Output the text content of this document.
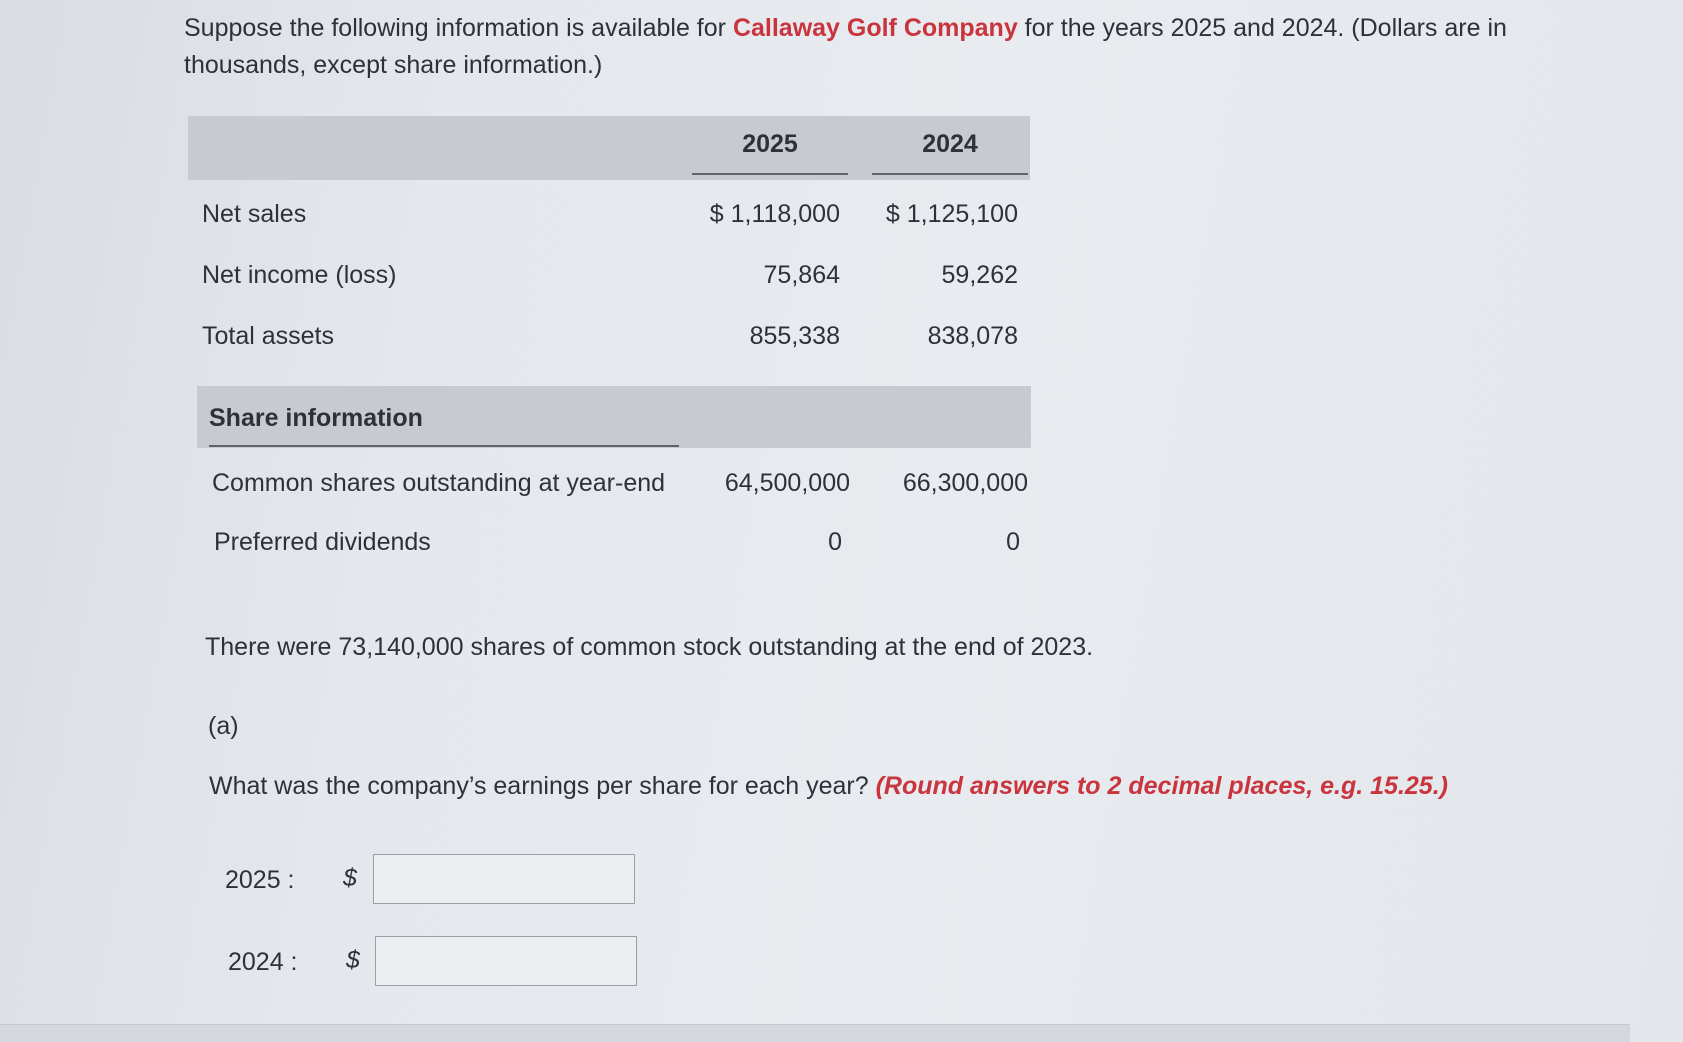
Suppose the following information is available for Callaway Golf Company for the years 2025 and 2024. (Dollars are in thousands, except share information.)
2025	2024
Net sales	$ 1,118,000 $ 1,125,100
Net income (loss)	75,864	59,262
Total assets	855,338	838,078
Share information
Common shares outstanding at year-end 64,500,000 66,300,000
Preferred dividends	0	0
There were 73,140,000 shares of common stock outstanding at the end of 2023.
(a)
What was the company’s earnings per share for each year? (Round answers to 2 decimal places, e.g. 15.25.)
2025 :	$
2024 :	$
